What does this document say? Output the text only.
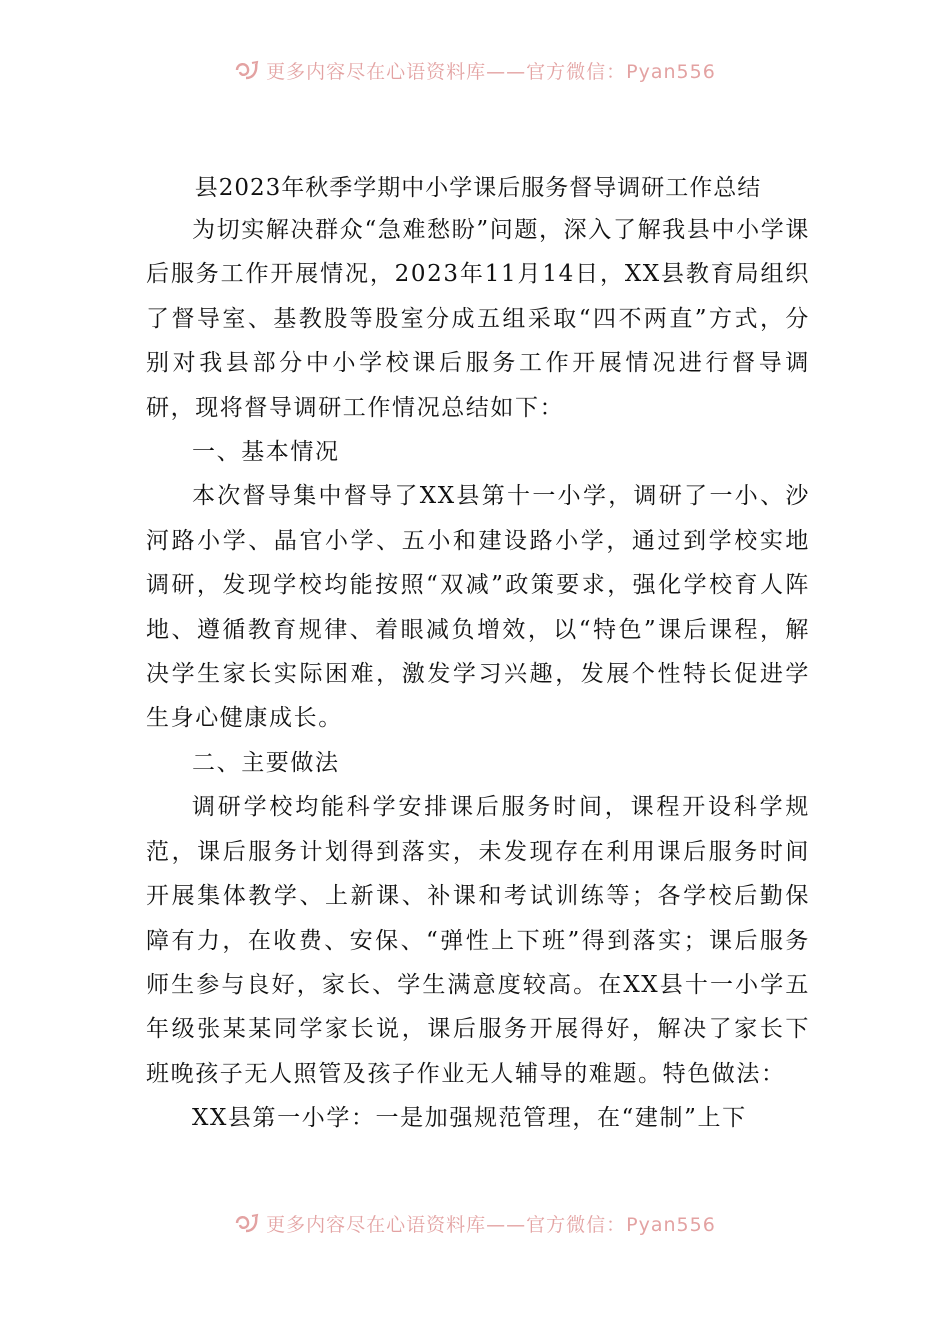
更多内容尽在心语资料库——官方微信：Pyan556
县2023年秋季学期中小学课后服务督导调研工作总结

为切实解决群众“急难愁盼”问题，深入了解我县中小学课后服务工作开展情况，2023年11月14日，XX县教育局组织了督导室、基教股等股室分成五组采取“四不两直”方式，分别对我县部分中小学校课后服务工作开展情况进行督导调研，现将督导调研工作情况总结如下：

一、基本情况

本次督导集中督导了XX县第十一小学，调研了一小、沙河路小学、晶官小学、五小和建设路小学，通过到学校实地调研，发现学校均能按照“双减”政策要求，强化学校育人阵地、遵循教育规律、着眼减负增效，以“特色”课后课程，解决学生家长实际困难，激发学习兴趣，发展个性特长促进学生身心健康成长。

二、主要做法

调研学校均能科学安排课后服务时间，课程开设科学规范，课后服务计划得到落实，未发现存在利用课后服务时间开展集体教学、上新课、补课和考试训练等；各学校后勤保障有力，在收费、安保、“弹性上下班”得到落实；课后服务师生参与良好，家长、学生满意度较高。在XX县十一小学五年级张某某同学家长说，课后服务开展得好，解决了家长下班晚孩子无人照管及孩子作业无人辅导的难题。特色做法：

XX县第一小学：一是加强规范管理，在“建制”上下

更多内容尽在心语资料库——官方微信：Pyan556
